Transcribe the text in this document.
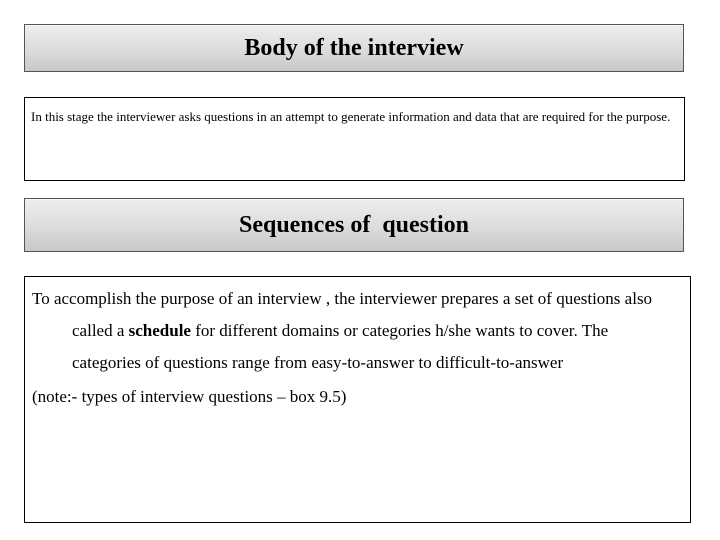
Body of the interview

In this stage the interviewer asks questions in an attempt to generate information and data that are required for the purpose.

Sequences of  question

To accomplish the purpose of an interview , the interviewer prepares a set of questions also called a schedule for different domains or categories h/she wants to cover. The categories of questions range from easy-to-answer to difficult-to-answer

(note:- types of interview questions – box 9.5)
